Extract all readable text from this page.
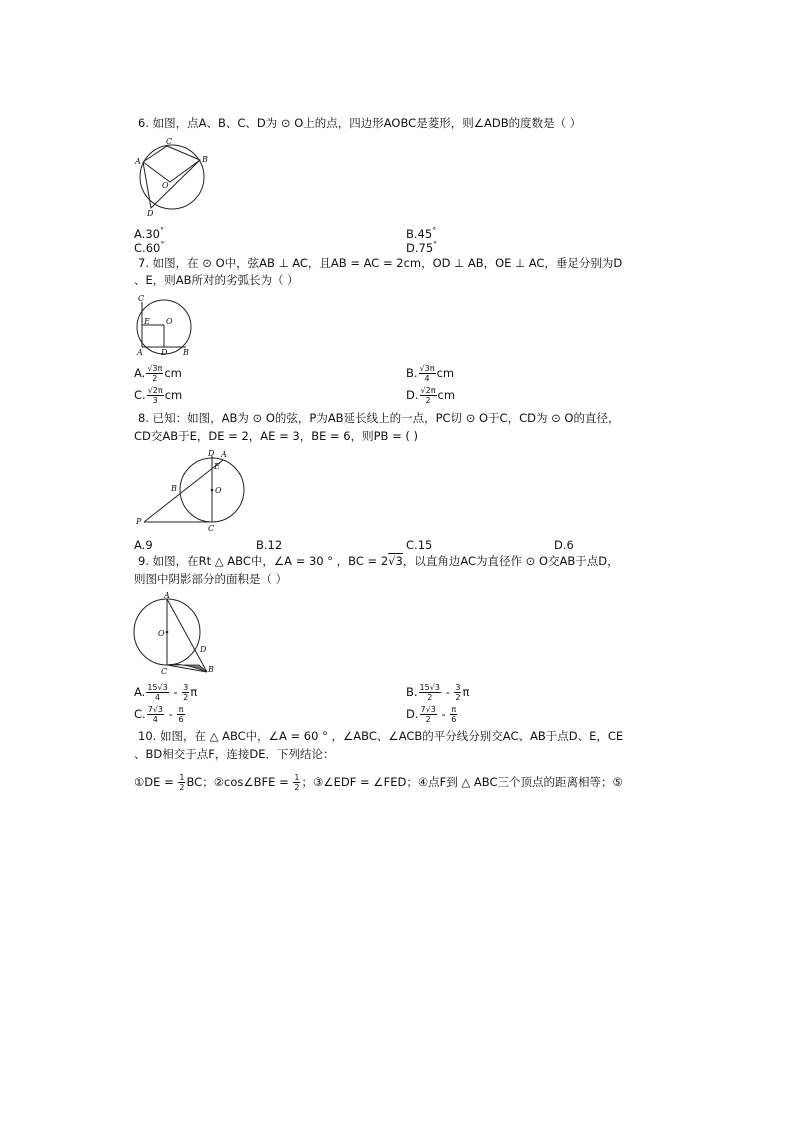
6. 如图，点A、B、C、D为 ⊙ O上的点，四边形AOBC是菱形，则∠ADB的度数是（ ）
C
A	B
O
D
A.30°	B.45°
C.60°	D.75°
7. 如图，在 ⊙ O中，弦AB ⊥ AC，且AB = AC = 2cm，OD ⊥ AB，OE ⊥ AC，垂足分别为D
、E，则AB所对的劣弧长为（ ）
C
E O
A D B
A. $\frac{√3\pi}{2}$ cm	B. $\frac{√3\pi}{4}$ cm
C. $\frac{√2\pi}{3}$ cm	D. $\frac{√2\pi}{2}$ cm
8. 已知：如图，AB为 ⊙ O的弦，P为AB延长线上的一点，PC切 ⊙ O于C，CD为 ⊙ O的直径，
CD交AB于E，DE = 2，AE = 3，BE = 6，则PB = ( )
D A
E
B	O
P
C
A.9	B.12	C.15	D.6
9. 如图，在Rt △ ABC中，∠A = 30 ° ，BC = 2√3，以直角边AC为直径作 ⊙ O交AB于点D，
则图中阴影部分的面积是（ ）
A
O
D
B
C
A. $\frac{15√3}{4} - \frac{3}{2}$ π	B. $\frac{15√3}{2} - \frac{3}{2}$ π
C. $\frac{7√3}{4} - \frac{\pi}{6}$	D. $\frac{7√3}{2} - \frac{\pi}{6}$
10. 如图，在 △ ABC中，∠A = 60 ° ，∠ABC、∠ACB的平分线分别交AC、AB于点D、E，CE
、BD相交于点F，连接DE．下列结论：
①DE = $\frac{1}{2}$ BC；②cos∠BFE = $\frac{1}{2}$ ；③∠EDF = ∠FED；④点F到 △ ABC三个顶点的距离相等；⑤
